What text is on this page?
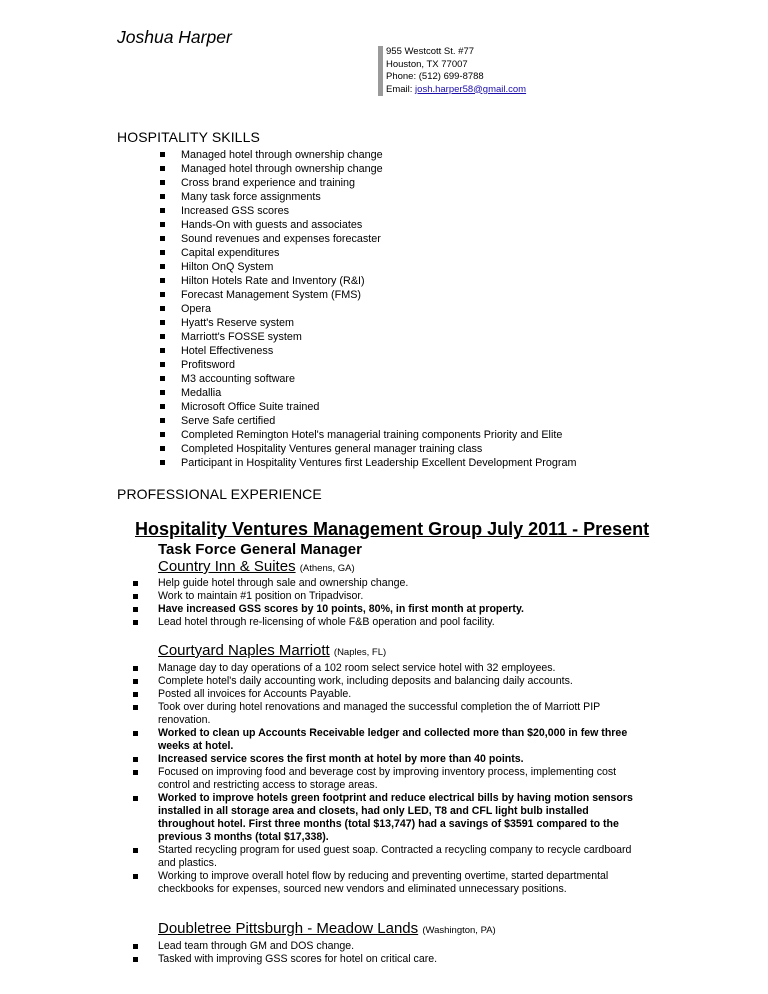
Joshua Harper
955 Westcott St. #77
Houston, TX 77007
Phone: (512) 699-8788
Email: josh.harper58@gmail.com
HOSPITALITY SKILLS
Managed hotel through ownership change
Managed hotel through ownership change
Cross brand experience and training
Many task force assignments
Increased GSS scores
Hands-On with guests and associates
Sound revenues and expenses forecaster
Capital expenditures
Hilton OnQ System
Hilton Hotels Rate and Inventory (R&I)
Forecast Management System (FMS)
Opera
Hyatt's Reserve system
Marriott's FOSSE system
Hotel Effectiveness
Profitsword
M3 accounting software
Medallia
Microsoft Office Suite trained
Serve Safe certified
Completed Remington Hotel's managerial training components Priority and Elite
Completed Hospitality Ventures general manager training class
Participant in Hospitality Ventures first Leadership Excellent Development Program
PROFESSIONAL EXPERIENCE
Hospitality Ventures Management Group July 2011 - Present
Task Force General Manager
Country Inn & Suites (Athens, GA)
Help guide hotel through sale and ownership change.
Work to maintain #1 position on Tripadvisor.
Have increased GSS scores by 10 points, 80%, in first month at property.
Lead hotel through re-licensing of whole F&B operation and pool facility.
Courtyard Naples Marriott (Naples, FL)
Manage day to day operations of a 102 room select service hotel with 32 employees.
Complete hotel's daily accounting work, including deposits and balancing daily accounts.
Posted all invoices for Accounts Payable.
Took over during hotel renovations and managed the successful completion the of Marriott PIP renovation.
Worked to clean up Accounts Receivable ledger and collected more than $20,000 in few three weeks at hotel.
Increased service scores the first month at hotel by more than 40 points.
Focused on improving food and beverage cost by improving inventory process, implementing cost control and restricting access to storage areas.
Worked to improve hotels green footprint and reduce electrical bills by having motion sensors installed in all storage area and closets, had only LED, T8 and CFL light bulb installed throughout hotel. First three months (total $13,747) had a savings of $3591 compared to the previous 3 months (total $17,338).
Started recycling program for used guest soap. Contracted a recycling company to recycle cardboard and plastics.
Working to improve overall hotel flow by reducing and preventing overtime, started departmental checkbooks for expenses, sourced new vendors and eliminated unnecessary positions.
Doubletree Pittsburgh - Meadow Lands (Washington, PA)
Lead team through GM and DOS change.
Tasked with improving GSS scores for hotel on critical care.
